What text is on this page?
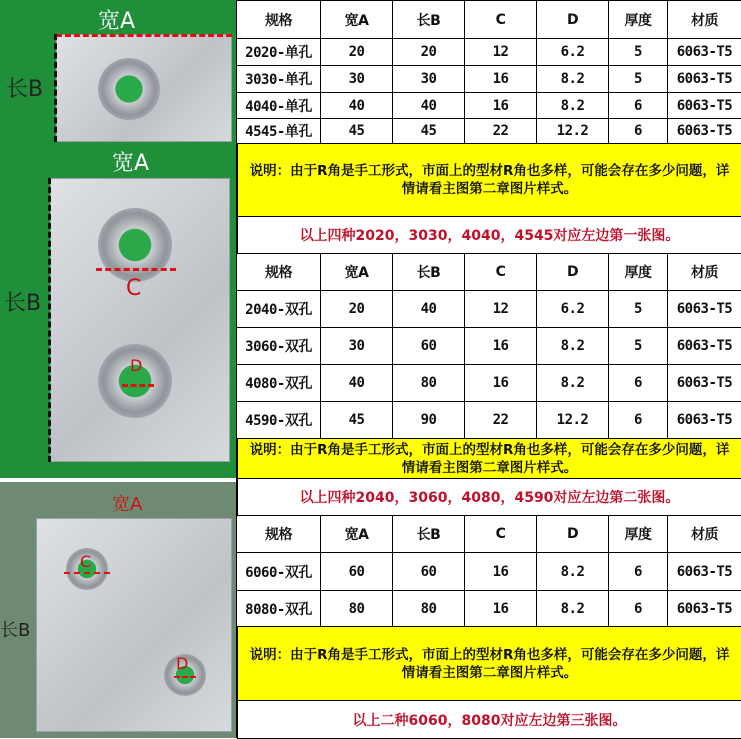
宽A
长B
宽A
长B
C
D
宽A
长B
C
D
规格	宽A	长B	C	D	厚度	材质
2020-单孔	20	20	12	6.2	5	6063-T5
3030-单孔	30	30	16	8.2	5	6063-T5
4040-单孔	40	40	16	8.2	6	6063-T5
4545-单孔	45	45	22	12.2	6	6063-T5
说明：由于R角是手工形式，市面上的型材R角也多样，可能会存在多少问题，详情请看主图第二章图片样式。
以上四种2020，3030，4040，4545对应左边第一张图。
规格	宽A	长B	C	D	厚度	材质
2040-双孔	20	40	12	6.2	5	6063-T5
3060-双孔	30	60	16	8.2	5	6063-T5
4080-双孔	40	80	16	8.2	6	6063-T5
4590-双孔	45	90	22	12.2	6	6063-T5
说明：由于R角是手工形式，市面上的型材R角也多样，可能会存在多少问题，详情请看主图第二章图片样式。
以上四种2040，3060，4080，4590对应左边第二张图。
规格	宽A	长B	C	D	厚度	材质
6060-双孔	60	60	16	8.2	6	6063-T5
8080-双孔	80	80	16	8.2	6	6063-T5
说明：由于R角是手工形式，市面上的型材R角也多样，可能会存在多少问题，详情请看主图第二章图片样式。
以上二种6060，8080对应左边第三张图。
